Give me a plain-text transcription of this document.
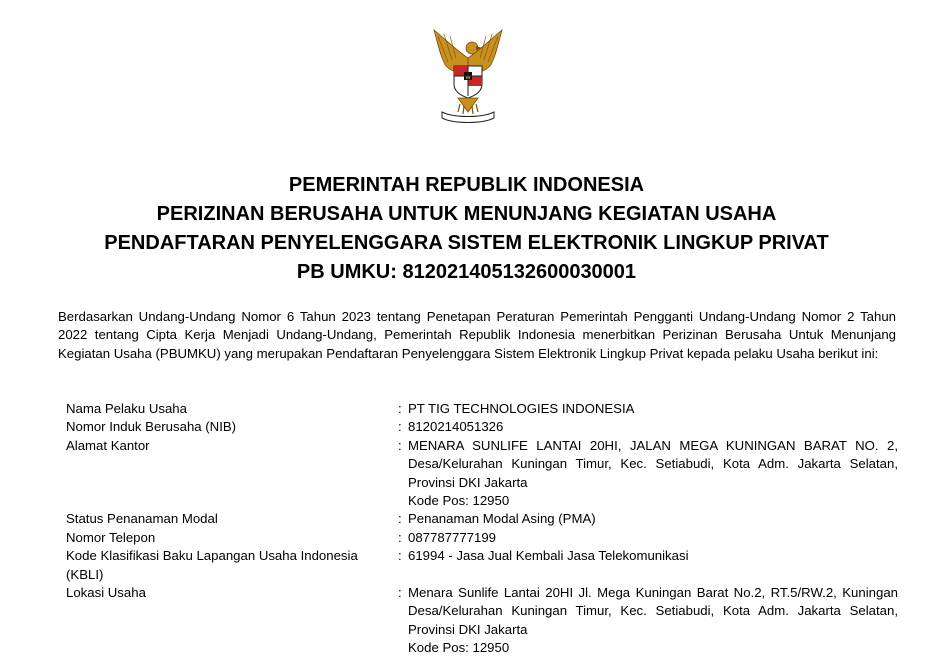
PEMERINTAH REPUBLIK INDONESIA

PERIZINAN BERUSAHA UNTUK MENUNJANG KEGIATAN USAHA

PENDAFTARAN PENYELENGGARA SISTEM ELEKTRONIK LINGKUP PRIVAT

PB UMKU: 812021405132600030001

Berdasarkan Undang-Undang Nomor 6 Tahun 2023 tentang Penetapan Peraturan Pemerintah Pengganti Undang-Undang Nomor 2 Tahun 2022 tentang Cipta Kerja Menjadi Undang-Undang, Pemerintah Republik Indonesia menerbitkan Perizinan Berusaha Untuk Menunjang Kegiatan Usaha (PBUMKU) yang merupakan Pendaftaran Penyelenggara Sistem Elektronik Lingkup Privat kepada pelaku Usaha berikut ini:

Nama Pelaku Usaha	: PT TIG TECHNOLOGIES INDONESIA
Nomor Induk Berusaha (NIB)	: 8120214051326
Alamat Kantor	: MENARA SUNLIFE LANTAI 20HI, JALAN MEGA KUNINGAN BARAT NO. 2, Desa/Kelurahan Kuningan Timur, Kec. Setiabudi, Kota Adm. Jakarta Selatan, Provinsi DKI Jakarta
Kode Pos: 12950
Status Penanaman Modal	: Penanaman Modal Asing (PMA)
Nomor Telepon	: 087787777199
Kode Klasifikasi Baku Lapangan Usaha Indonesia (KBLI)
: 61994 - Jasa Jual Kembali Jasa Telekomunikasi
Lokasi Usaha	: Menara Sunlife Lantai 20HI Jl. Mega Kuningan Barat No.2, RT.5/RW.2, Kuningan Desa/Kelurahan Kuningan Timur, Kec. Setiabudi, Kota Adm. Jakarta Selatan, Provinsi DKI Jakarta
Kode Pos: 12950
